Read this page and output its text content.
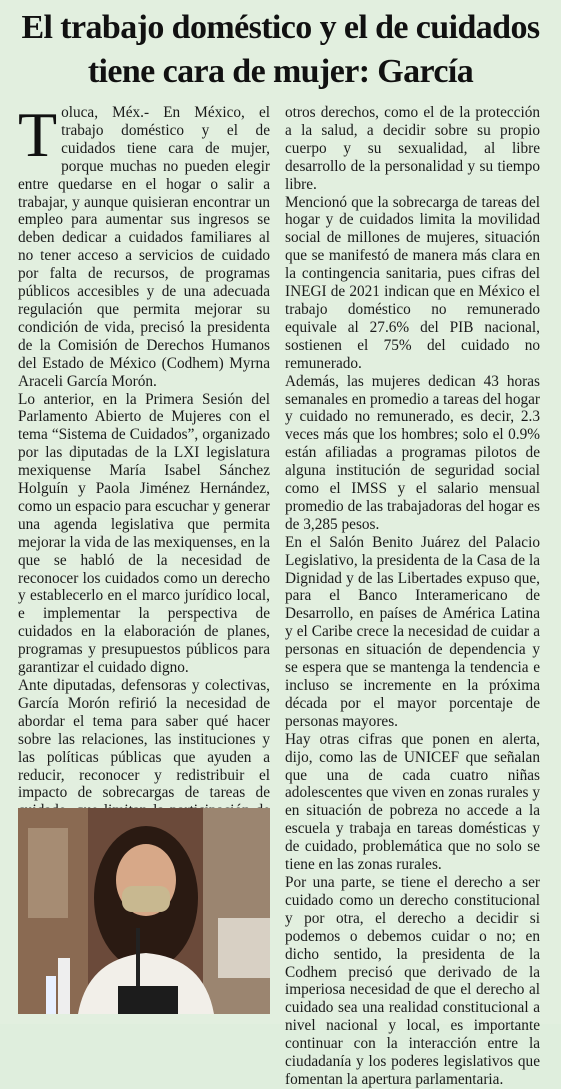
El trabajo doméstico y el de cuidados tiene cara de mujer: García

Toluca, Méx.- En México, el trabajo doméstico y el de cuidados tiene cara de mujer, porque muchas no pueden elegir entre quedarse en el hogar o salir a trabajar, y aunque quisieran encontrar un empleo para aumentar sus ingresos se deben dedicar a cuidados familiares al no tener acceso a servicios de cuidado por falta de recursos, de programas públicos accesibles y de una adecuada regulación que permita mejorar su condición de vida, precisó la presidenta de la Comisión de Derechos Humanos del Estado de México (Codhem) Myrna Araceli García Morón.

Lo anterior, en la Primera Sesión del Parlamento Abierto de Mujeres con el tema “Sistema de Cuidados”, organizado por las diputadas de la LXI legislatura mexiquense María Isabel Sánchez Holguín y Paola Jiménez Hernández, como un espacio para escuchar y generar una agenda legislativa que permita mejorar la vida de las mexiquenses, en la que se habló de la necesidad de reconocer los cuidados como un derecho y establecerlo en el marco jurídico local, e implementar la perspectiva de cuidados en la elaboración de planes, programas y presupuestos públicos para garantizar el cuidado digno.

Ante diputadas, defensoras y colectivas, García Morón refirió la necesidad de abordar el tema para saber qué hacer sobre las relaciones, las instituciones y las políticas públicas que ayuden a reducir, reconocer y redistribuir el impacto de sobrecargas de tareas de

otros derechos, como el de la protección a la salud, a decidir sobre su propio cuerpo y su sexualidad, al libre desarrollo de la personalidad y su tiempo libre.

Mencionó que la sobrecarga de tareas del hogar y de cuidados limita la movilidad social de millones de mujeres, situación que se manifestó de manera más clara en la contingencia sanitaria, pues cifras del INEGI de 2021 indican que en México el trabajo doméstico no remunerado equivale al 27.6% del PIB nacional, sostienen el 75% del cuidado no remunerado.

Además, las mujeres dedican 43 horas semanales en promedio a tareas del hogar y cuidado no remunerado, es decir, 2.3 veces más que los hombres; solo el 0.9% están afiliadas a programas pilotos de alguna institución de seguridad social como el IMSS y el salario mensual promedio de las trabajadoras del hogar es de 3,285 pesos.

En el Salón Benito Juárez del Palacio Legislativo, la presidenta de la Casa de la Dignidad y de las Libertades expuso que, para el Banco Interamericano de Desarrollo, en países de América Latina y el Caribe crece la necesidad de cuidar a personas en situación de dependencia y se espera que se mantenga la tendencia e incluso se incremente en la próxima década por el mayor porcentaje de personas mayores.

Hay otras cifras que ponen en alerta, dijo, como las de UNICEF que señalan que una de cada cuatro niñas adolescentes que viven en zonas rurales y en situación de pobreza no accede a la escuela y trabaja en tareas domésticas y de cuidado, problemática que no solo se tiene en las zonas rurales.

Por una parte, se tiene el derecho a ser cuidado como un derecho constitucional y por otra, el derecho a decidir si podemos o debemos cuidar o no; en dicho sentido, la presidenta de la Codhem precisó que derivado de la imperiosa necesidad de que el derecho al cuidado sea una realidad constitucional a nivel nacional y local, es importante continuar con la interacción entre la ciudadanía y los poderes legislativos que fomentan la apertura parlamentaria.
